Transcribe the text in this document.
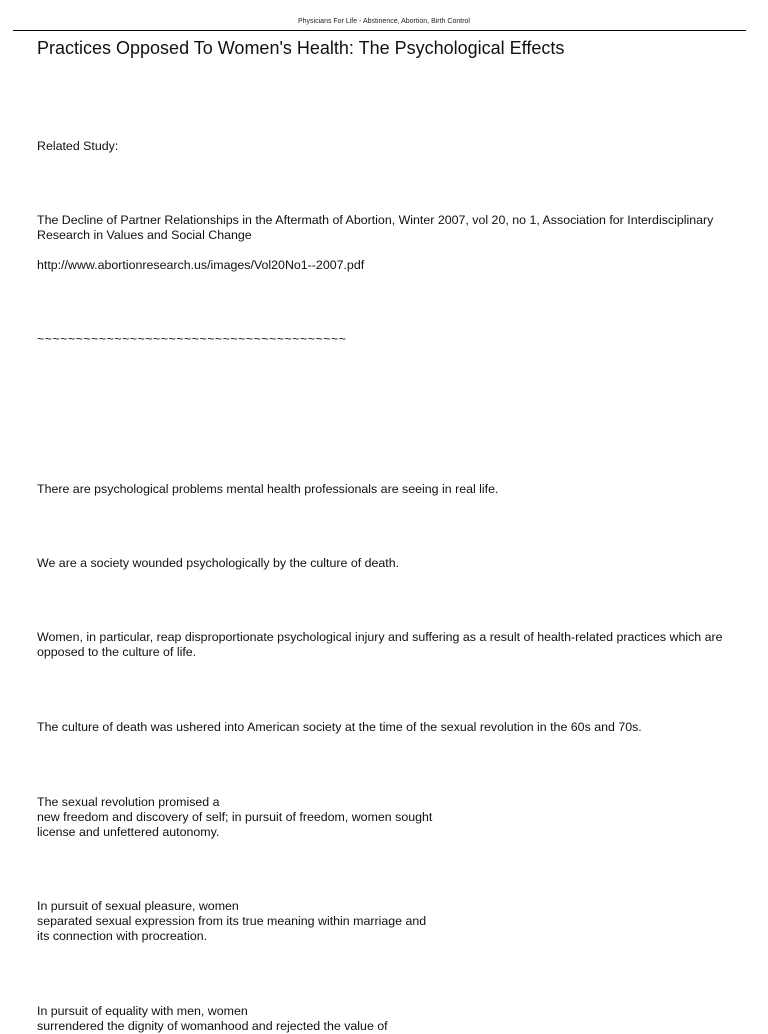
Physicians For Life - Abstinence, Abortion, Birth Control
Practices Opposed To Women's Health: The Psychological Effects

Related Study:

The Decline of Partner Relationships in the Aftermath of Abortion, Winter 2007, vol 20, no 1, Association for Interdisciplinary Research in Values and Social Change

http://www.abortionresearch.us/images/Vol20No1--2007.pdf

~~~~~~~~~~~~~~~~~~~~~~~~~~~~~~~~~~~~~~~~

There are psychological problems mental health professionals are seeing in real life.

We are a society wounded psychologically by the culture of death.

Women, in particular, reap disproportionate psychological injury and suffering as a result of health-related practices which are opposed to the culture of life.

The culture of death was ushered into American society at the time of the sexual revolution in the 60s and 70s.

The sexual revolution promised a
new freedom and discovery of self; in pursuit of freedom, women sought
license and unfettered autonomy.

In pursuit of sexual pleasure, women
separated sexual expression from its true meaning within marriage and
its connection with procreation.

In pursuit of equality with men, women
surrendered the dignity of womanhood and rejected the value of
